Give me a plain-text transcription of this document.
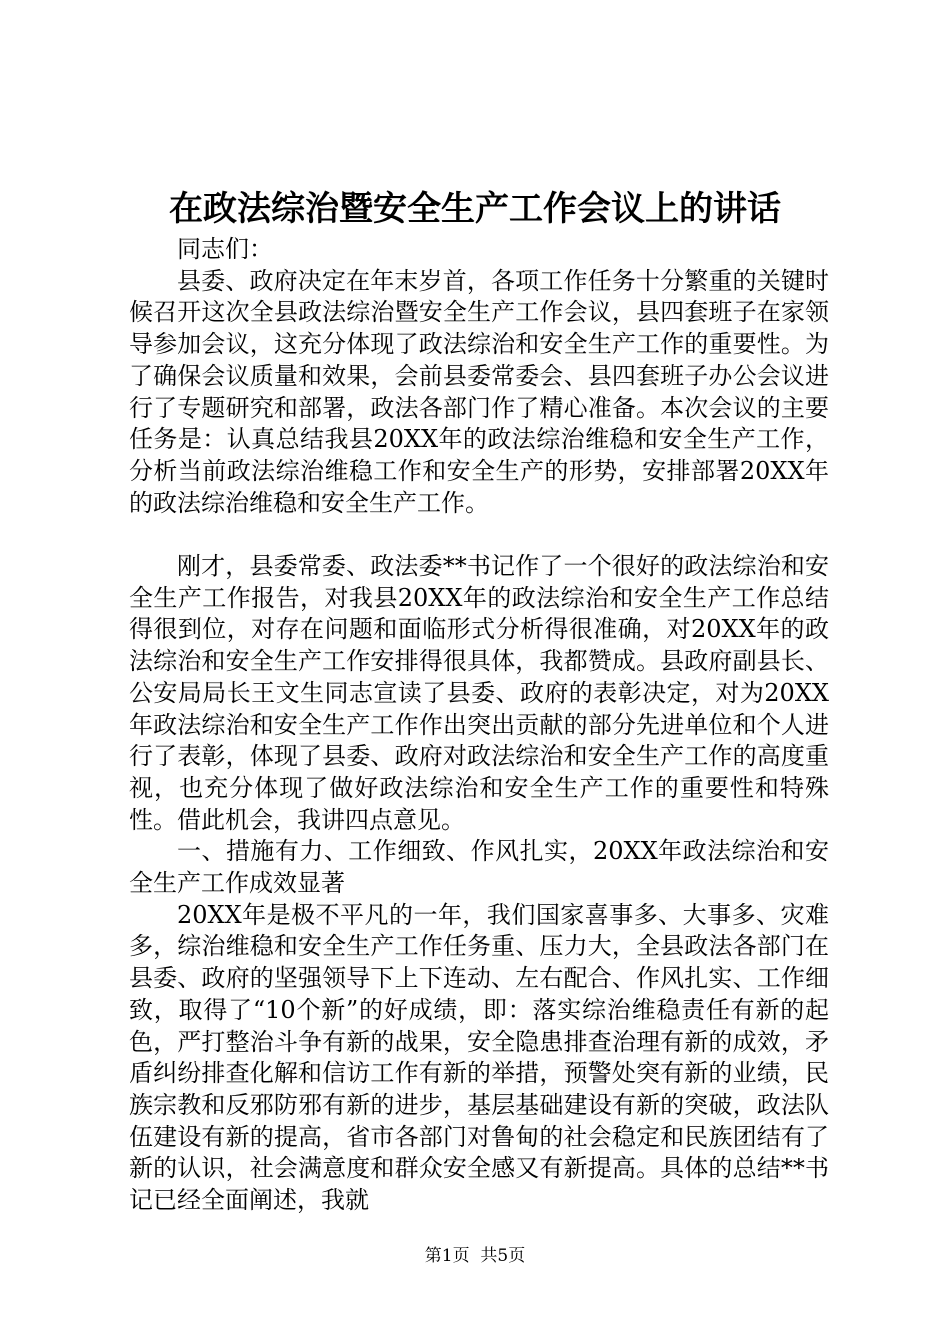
在政法综治暨安全生产工作会议上的讲话

同志们：

县委、政府决定在年末岁首，各项工作任务十分繁重的关键时候召开这次全县政法综治暨安全生产工作会议，县四套班子在家领导参加会议，这充分体现了政法综治和安全生产工作的重要性。为了确保会议质量和效果，会前县委常委会、县四套班子办公会议进行了专题研究和部署，政法各部门作了精心准备。本次会议的主要任务是：认真总结我县20XX年的政法综治维稳和安全生产工作，分析当前政法综治维稳工作和安全生产的形势，安排部署20XX年的政法综治维稳和安全生产工作。

刚才，县委常委、政法委**书记作了一个很好的政法综治和安全生产工作报告，对我县20XX年的政法综治和安全生产工作总结得很到位，对存在问题和面临形式分析得很准确，对20XX年的政法综治和安全生产工作安排得很具体，我都赞成。县政府副县长、公安局局长王文生同志宣读了县委、政府的表彰决定，对为20XX年政法综治和安全生产工作作出突出贡献的部分先进单位和个人进行了表彰，体现了县委、政府对政法综治和安全生产工作的高度重视，也充分体现了做好政法综治和安全生产工作的重要性和特殊性。借此机会，我讲四点意见。

一、措施有力、工作细致、作风扎实，20XX年政法综治和安全生产工作成效显著

20XX年是极不平凡的一年，我们国家喜事多、大事多、灾难多，综治维稳和安全生产工作任务重、压力大，全县政法各部门在县委、政府的坚强领导下上下连动、左右配合、作风扎实、工作细致，取得了“10个新”的好成绩，即：落实综治维稳责任有新的起色，严打整治斗争有新的战果，安全隐患排查治理有新的成效，矛盾纠纷排查化解和信访工作有新的举措，预警处突有新的业绩，民族宗教和反邪防邪有新的进步，基层基础建设有新的突破，政法队伍建设有新的提高，省市各部门对鲁甸的社会稳定和民族团结有了新的认识，社会满意度和群众安全感又有新提高。具体的总结**书记已经全面阐述，我就

第1页 共5页
